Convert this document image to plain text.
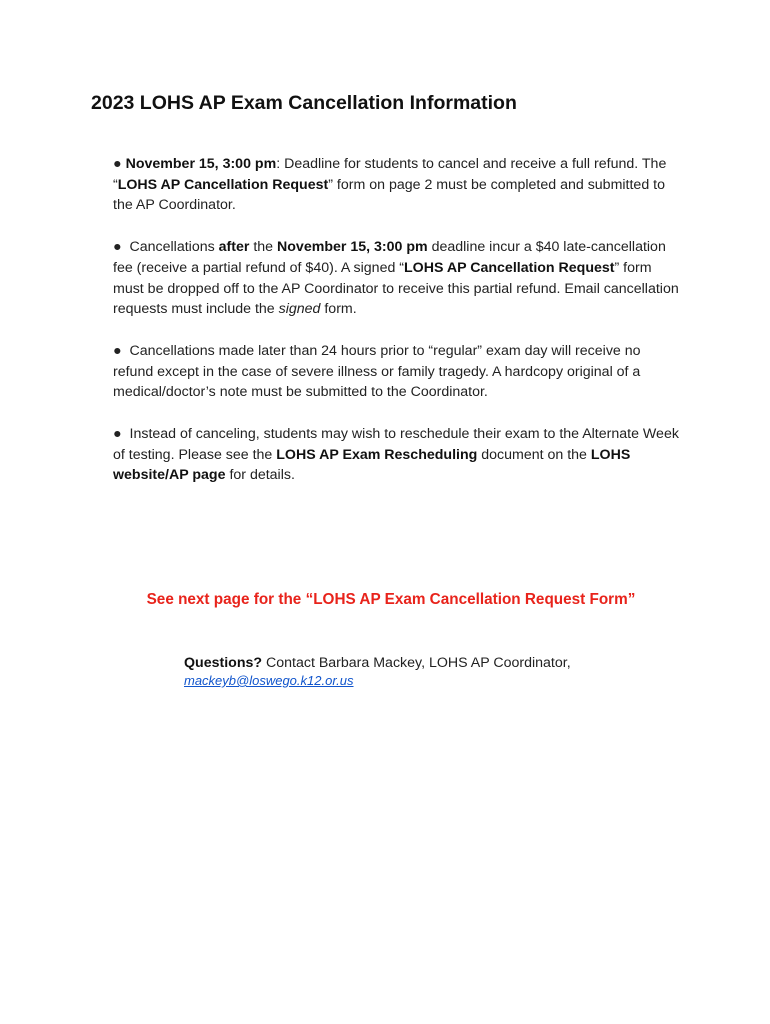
2023 LOHS AP Exam Cancellation Information

● November 15, 3:00 pm: Deadline for students to cancel and receive a full refund. The “LOHS AP Cancellation Request” form on page 2 must be completed and submitted to the AP Coordinator.

● Cancellations after the November 15, 3:00 pm deadline incur a $40 late-cancellation fee (receive a partial refund of $40). A signed “LOHS AP Cancellation Request” form must be dropped off to the AP Coordinator to receive this partial refund. Email cancellation requests must include the signed form.

● Cancellations made later than 24 hours prior to “regular” exam day will receive no refund except in the case of severe illness or family tragedy. A hardcopy original of a medical/doctor’s note must be submitted to the Coordinator.

● Instead of canceling, students may wish to reschedule their exam to the Alternate Week of testing. Please see the LOHS AP Exam Rescheduling document on the LOHS website/AP page for details.

See next page for the “LOHS AP Exam Cancellation Request Form”

Questions? Contact Barbara Mackey, LOHS AP Coordinator,
mackeyb@loswego.k12.or.us
